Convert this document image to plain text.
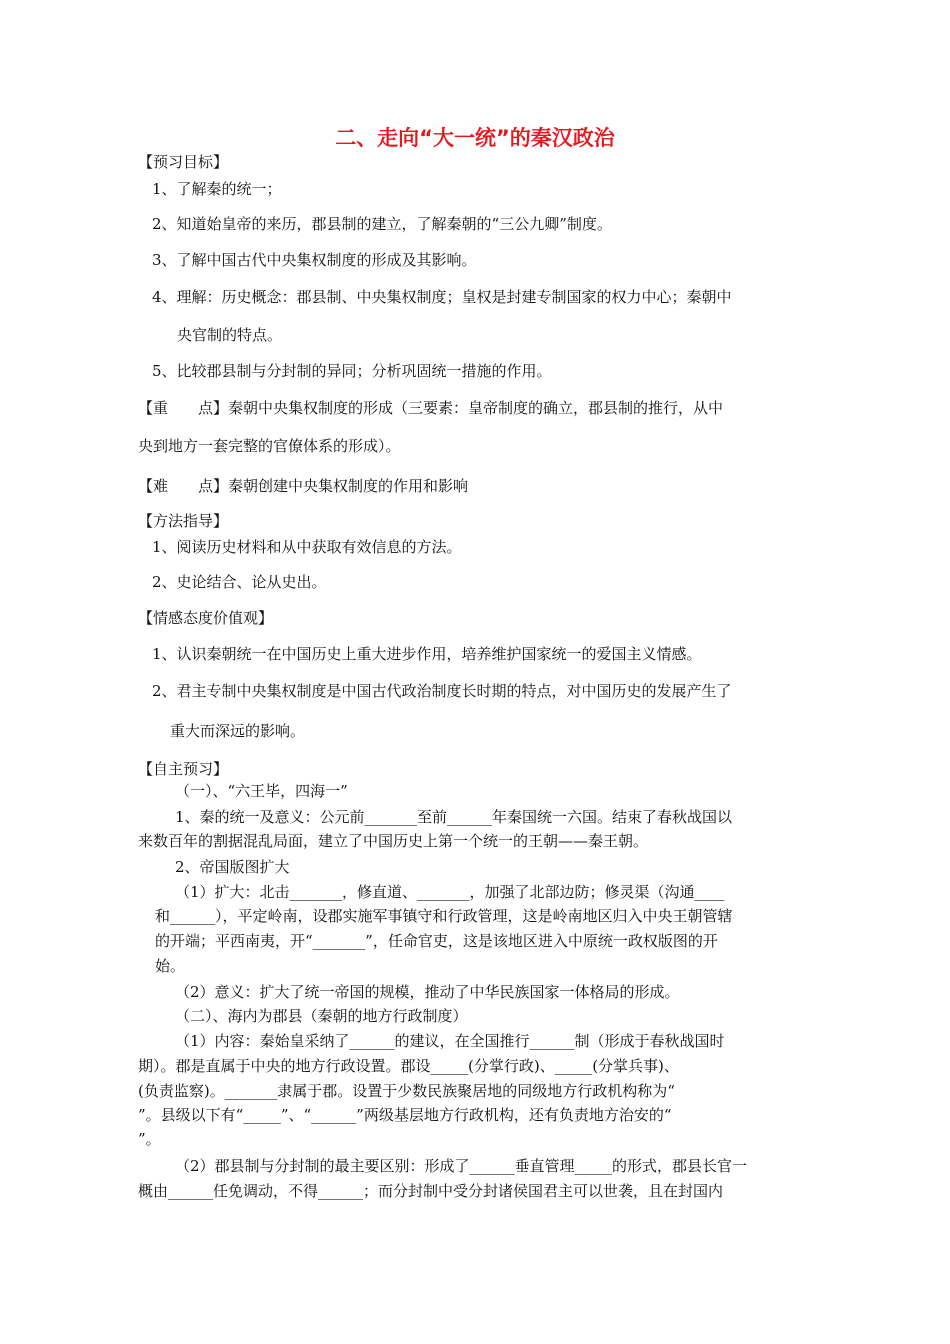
二、走向“大一统”的秦汉政治
【预习目标】
1、了解秦的统一；
2、知道始皇帝的来历，郡县制的建立，了解秦朝的“三公九卿”制度。
3、了解中国古代中央集权制度的形成及其影响。
4、理解：历史概念：郡县制、中央集权制度；皇权是封建专制国家的权力中心；秦朝中
央官制的特点。
5、比较郡县制与分封制的异同；分析巩固统一措施的作用。
【重　　点】秦朝中央集权制度的形成（三要素：皇帝制度的确立，郡县制的推行，从中
央到地方一套完整的官僚体系的形成）。
【难　　点】秦朝创建中央集权制度的作用和影响
【方法指导】
1、阅读历史材料和从中获取有效信息的方法。
2、史论结合、论从史出。
【情感态度价值观】
1、认识秦朝统一在中国历史上重大进步作用，培养维护国家统一的爱国主义情感。
2、君主专制中央集权制度是中国古代政治制度长时期的特点，对中国历史的发展产生了
重大而深远的影响。
【自主预习】
（一）、“六王毕，四海一”
1、秦的统一及意义：公元前_______至前______年秦国统一六国。结束了春秋战国以
来数百年的割据混乱局面，建立了中国历史上第一个统一的王朝——秦王朝。
2、帝国版图扩大
（1）扩大：北击_______，修直道、_______，加强了北部边防；修灵渠（沟通____
和______），平定岭南，设郡实施军事镇守和行政管理，这是岭南地区归入中央王朝管辖
的开端；平西南夷，开“_______”，任命官吏，这是该地区进入中原统一政权版图的开
始。
（2）意义：扩大了统一帝国的规模，推动了中华民族国家一体格局的形成。
（二）、海内为郡县（秦朝的地方行政制度）
（1）内容：秦始皇采纳了______的建议，在全国推行______制（形成于春秋战国时
期）。郡是直属于中央的地方行政设置。郡设_____(分掌行政)、_____(分掌兵事)、
(负责监察)。_______隶属于郡。设置于少数民族聚居地的同级地方行政机构称为“
”。县级以下有“_____”、“______”两级基层地方行政机构，还有负责地方治安的“
”。
（2）郡县制与分封制的最主要区别：形成了______垂直管理_____的形式，郡县长官一
概由______任免调动，不得______；而分封制中受分封诸侯国君主可以世袭，且在封国内
